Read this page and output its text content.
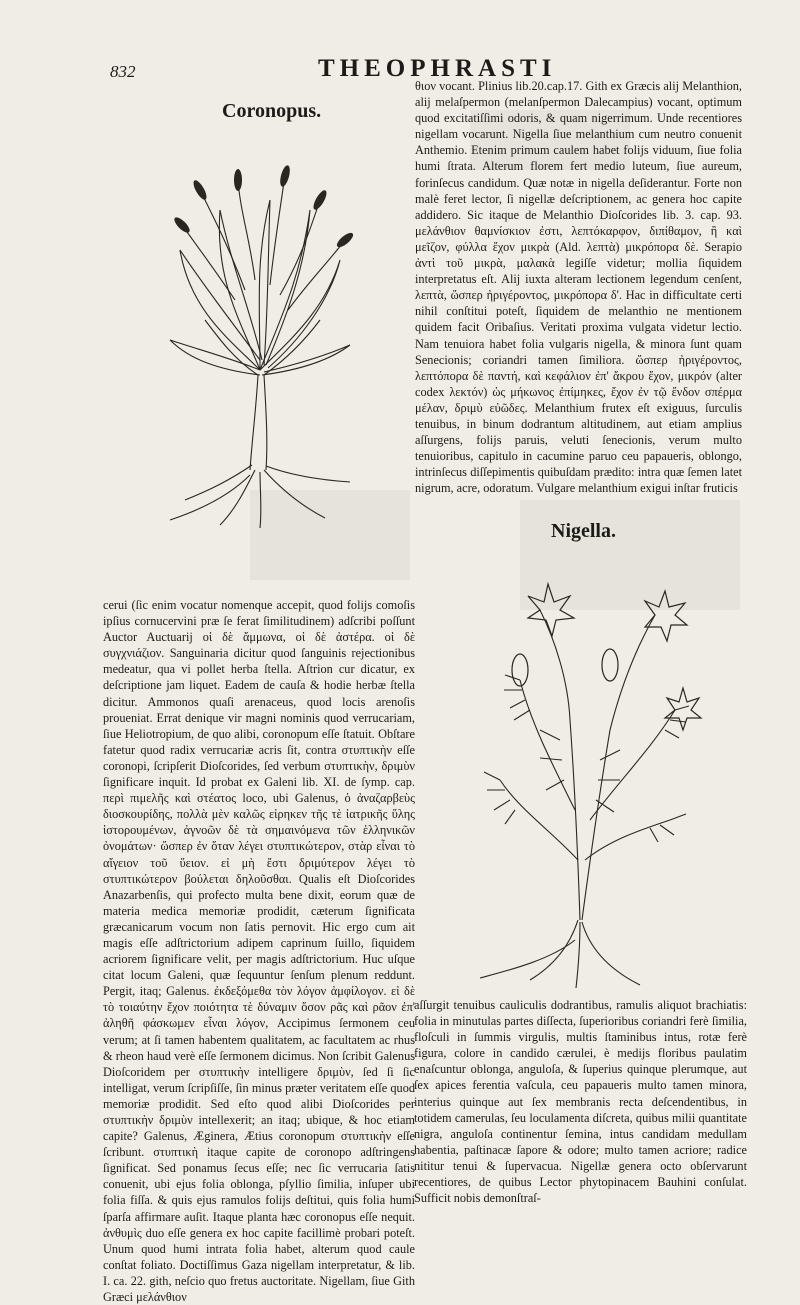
832	THEOPHRASTI
Coronopus.

θιον vocant. Plinius lib.20.cap.17. Gith ex Græcis alij Melanthion, alij melaſpermon (melanſpermon Dalecampius) vocant, optimum quod excitatiſſimi odoris, & quam nigerrimum. Unde recentiores nigellam vocarunt. Nigella ſiue melanthium cum neutro conuenit Anthemio. Etenim primum caulem habet folijs viduum, ſiue folia humi ſtrata. Alterum florem fert medio luteum, ſiue aureum, forinſecus candidum. Quæ notæ in nigella deſiderantur. Forte non malè feret lector, ſi nigellæ deſcriptionem, ac genera hoc capite addidero. Sic itaque de Melanthio Dioſcorides lib. 3. cap. 93. μελάνθιον θαμνίσκιον ἐστι, λεπτόκαρφον, διπίθαμον, ἢ καὶ μεῖζον, φύλλα ἔχον μικρὰ (Ald. λεπτὰ) μικρόπορα δὲ. Serapio ἀντὶ τοῦ μικρὰ, μαλακὰ legiſſe videtur; mollia ſiquidem interpretatus eſt. Alij iuxta alteram lectionem legendum cenſent, λεπτὰ, ὥσπερ ἠριγέροντος, μικρόπορα δ'. Hac in difficultate certi nihil conſtitui poteſt, ſiquidem de melanthio ne mentionem quidem facit Oribaſius. Veritati proxima vulgata videtur lectio. Nam tenuiora habet folia vulgaris nigella, & minora ſunt quam Senecionis; coriandri tamen ſimiliora. ὥσπερ ἠριγέροντος, λεπτόπορα δὲ παντή, καὶ κεφάλιον ἐπ' ἄκρου ἔχον, μικρόν (alter codex λεκτόν) ὡς μήκωνος ἐπίμηκες, ἔχον ἐν τῷ ἔνδον σπέρμα μέλαν, δριμὺ εὐῶδες. Melanthium frutex eſt exiguus, ſurculis tenuibus, in binum dodrantum altitudinem, aut etiam amplius aſſurgens, folijs paruis, veluti ſenecionis, verum multo tenuioribus, capitulo in cacumine paruo ceu papaueris, oblongo, intrinſecus diſſepimentis quibuſdam prædito: intra quæ ſemen latet nigrum, acre, odoratum. Vulgare melanthium exigui inſtar fruticis

Nigella.

cerui (ſic enim vocatur nomenque accepit, quod folijs comoſis ipſius cornucervini præ ſe ferat ſimilitudinem) adſcribi poſſunt Auctor Auctuarij οἱ δὲ ἄμμωνα, οἱ δὲ ἀστέρα. οἱ δὲ συγχνιάζιον. Sanguinaria dicitur quod ſanguinis rejectionibus medeatur, qua vi pollet herba ſtella. Aſtrion cur dicatur, ex deſcriptione jam liquet. Eadem de cauſa & hodie herbæ ſtella dicitur. Ammonos quaſi arenaceus, quod locis arenoſis proueniat. Errat denique vir magni nominis quod verrucariam, ſiue Heliotropium, de quo alibi, coronopum eſſe ſtatuit. Obſtare fatetur quod radix verrucariæ acris ſit, contra στυπτικὴν eſſe coronopi, ſcripſerit Dioſcorides, ſed verbum στυπτικὴν, δριμὺν ſignificare inquit. Id probat ex Galeni lib. XI. de ſymp. cap. περὶ πιμελῆς καὶ στέατος loco, ubi Galenus, ὁ ἀναζαρβεὺς διοσκουρίδης, πολλὰ μὲν καλῶς εἰρηκεν τῆς τὲ ἰατρικῆς ὕλης ἱστορουμένων, ἀγνοῶν δὲ τὰ σημαινόμενα τῶν ἑλληνικῶν ὀνομάτων· ὥσπερ ἐν ὅταν λέγει στυπτικώτερον, στὰρ εἶναι τὸ αἴγειον τοῦ ὕειον. εἰ μὴ ἔστι δριμύτερον λέγει τὸ στυπτικώτερον βούλεται δηλοῦσθαι. Qualis eſt Dioſcorides Anazarbenſis, qui profecto multa bene dixit, eorum quæ de materia medica memoriæ prodidit, cæterum ſignificata græcanicarum vocum non ſatis pernovit. Hic ergo cum ait magis eſſe adſtrictorium adipem caprinum ſuillo, ſiquidem acriorem ſignificare velit, per magis adſtrictorium. Huc uſque citat locum Galeni, quæ ſequuntur ſenſum plenum reddunt. Pergit, itaq; Galenus. ἐκδεξόμεθα τὸν λόγον ἀμφίλογον. εἰ δὲ τὸ τοιαύτην ἔχον ποιότητα τὲ δύναμιν ὅσον ρᾶς καὶ ρᾶον ἐπ' ἀληθῆ φάσκωμεν εἶναι λόγον, Accipimus ſermonem ceu verum; at ſi tamen habentem qualitatem, ac facultatem ac rhus & rheon haud verè eſſe ſermonem dicimus. Non ſcribit Galenus Dioſcoridem per στυπτικὴν intelligere δριμὺν, ſed ſi ſic intelligat, verum ſcripſiſſe, ſin minus præter veritatem eſſe quod memoriæ prodidit. Sed eſto quod alibi Dioſcorides per στυπτικὴν δριμὺν intellexerit; an itaq; ubique, & hoc etiam capite? Galenus, Æginera, Ætius coronopum στυπτικὴν eſſe ſcribunt. στυπτικὴ itaque capite de coronopo adſtringens ſignificat. Sed ponamus ſecus eſſe; nec ſic verrucaria ſatis conuenit, ubi ejus folia oblonga, pſyllio ſimilia, inſuper ubi folia fiſſa. & quis ejus ramulos folijs deſtitui, quis folia humi ſparſa affirmare auſit. Itaque planta hæc coronopus eſſe nequit. ἀνθυμὶς duo eſſe genera ex hoc capite facillimè probari poteſt. Unum quod humi intrata folia habet, alterum quod caule conſtat foliato. Doctiſſimus Gaza nigellam interpretatur, & lib. I. ca. 22. gith, neſcio quo fretus auctoritate. Nigellam, ſiue Gith Græci μελάνθιον

aſſurgit tenuibus cauliculis dodrantibus, ramulis aliquot brachiatis: folia in minutulas partes diſſecta, ſuperioribus coriandri ferè ſimilia, floſculi in ſummis virgulis, multis ſtaminibus intus, rotæ ferè figura, colore in candido cærulei, è medijs floribus paulatim enaſcuntur oblonga, anguloſa, & ſuperius quinque plerumque, aut ſex apices ferentia vaſcula, ceu papaueris multo tamen minora, interius quinque aut ſex membranis recta deſcendentibus, in totidem camerulas, ſeu loculamenta diſcreta, quibus milii quantitate nigra, anguloſa continentur ſemina, intus candidam medullam habentia, paſtinacæ ſapore & odore; multo tamen acriore; radice nititur tenui & ſupervacua. Nigellæ genera octo obſervarunt recentiores, de quibus Lector phytopinacem Bauhini conſulat. Sufficit nobis demonſtraſ-
